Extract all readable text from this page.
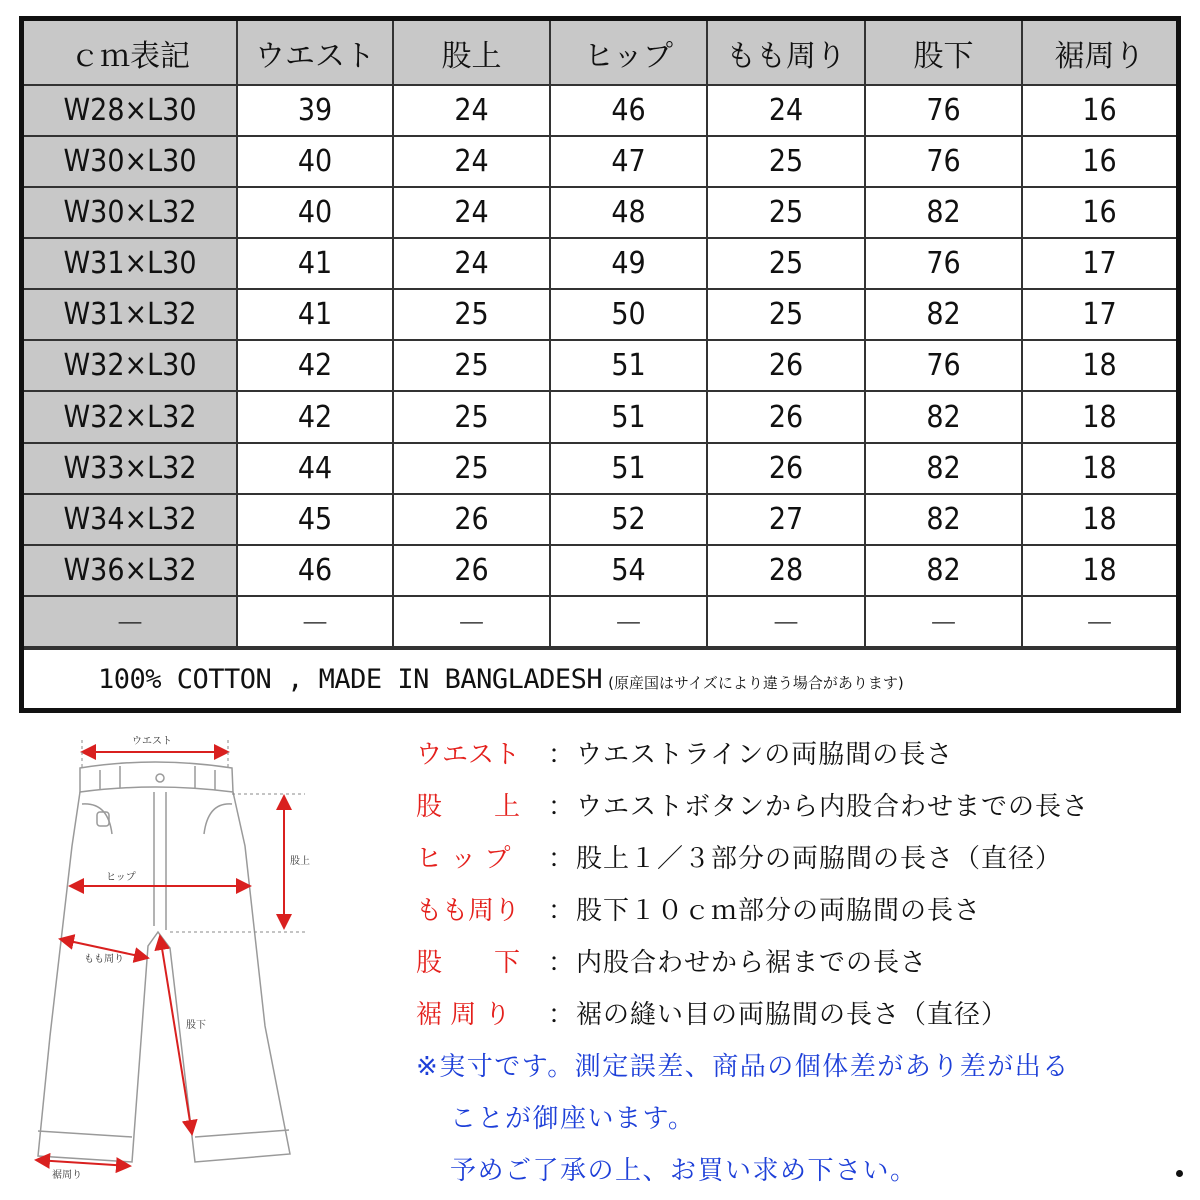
ｃｍ表記	ウエスト	股上	ヒップ	もも周り	股下	裾周り
W28×L30	39	24	46	24	76	16
W30×L30	40	24	47	25	76	16
W30×L32	40	24	48	25	82	16
W31×L30	41	24	49	25	76	17
W31×L32	41	25	50	25	82	17
W32×L30	42	25	51	26	76	18
W32×L32	42	25	51	26	82	18
W33×L32	44	25	51	26	82	18
W34×L32	45	26	52	27	82	18
W36×L32	46	26	54	28	82	18
－	－	－	－	－	－	－
100% COTTON , MADE IN BANGLADESH (原産国はサイズにより違う場合があります)
ウエスト
股上
ヒップ
もも周り
股下
裾周り
ウエスト ： ウエストラインの両脇間の長さ
股　　上 ： ウエストボタンから内股合わせまでの長さ
ヒ ッ プ ： 股上１／３部分の両脇間の長さ（直径）
もも周り ： 股下１０ｃｍ部分の両脇間の長さ
股　　下 ： 内股合わせから裾までの長さ
裾 周 り ： 裾の縫い目の両脇間の長さ（直径）
※実寸です。測定誤差、商品の個体差があり差が出る
ことが御座います。
予めご了承の上、お買い求め下さい。
